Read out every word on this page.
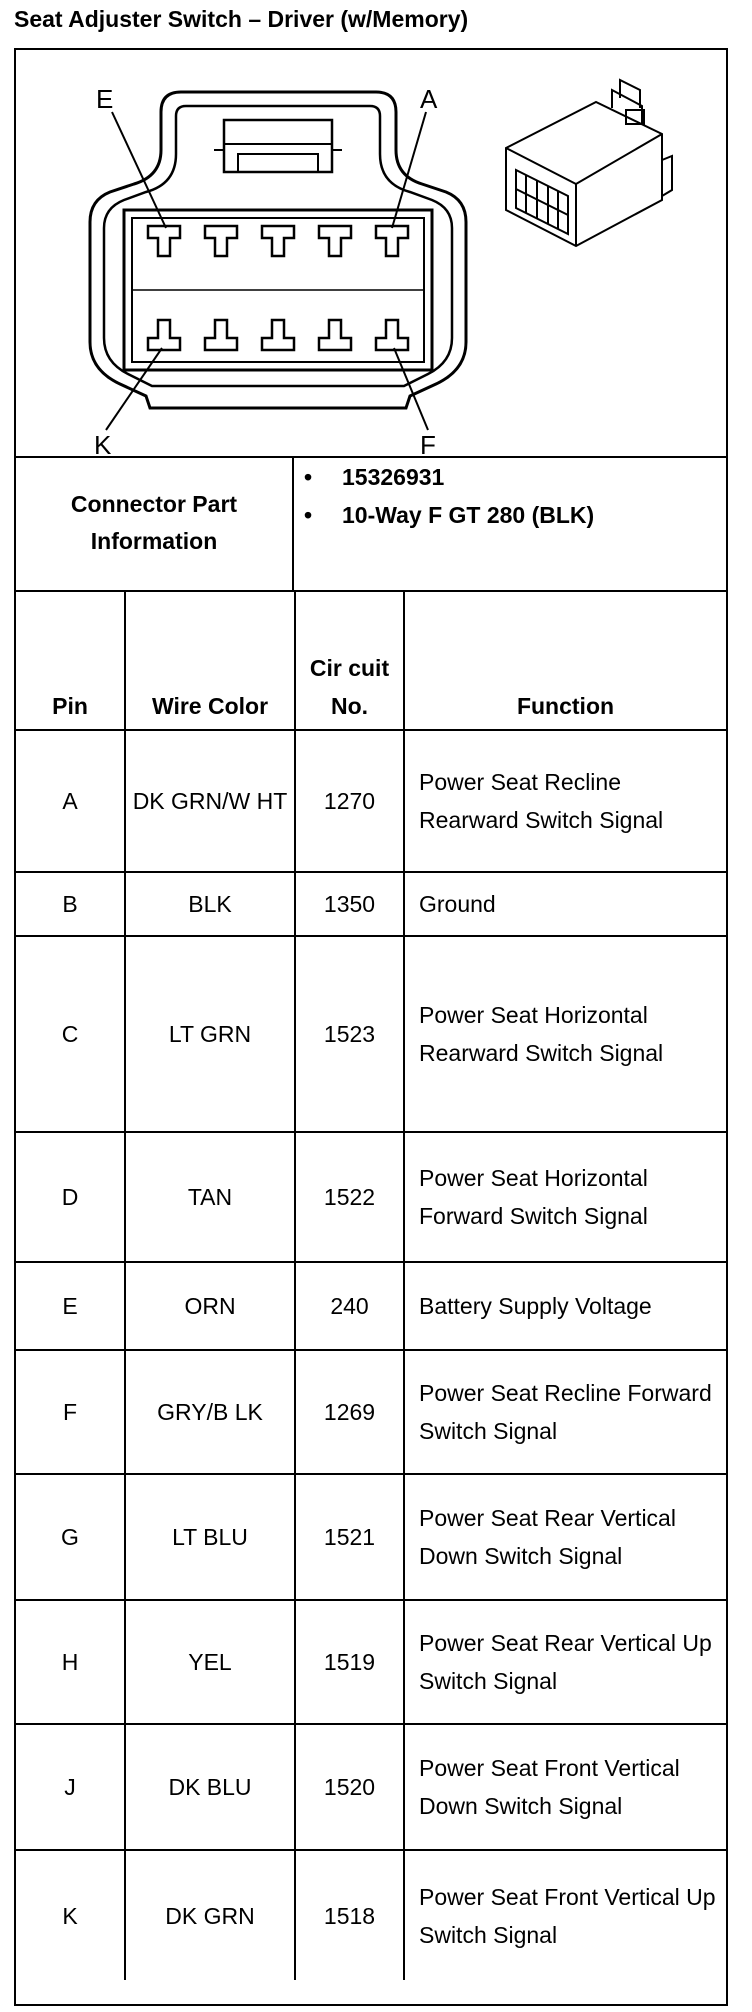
Seat Adjuster Switch – Driver (w/Memory)
E	A
K	F
Connector Part Information
• 15326931
• 10-Way F GT 280 (BLK)
Pin	Wire Color	Cir cuit No.	Function
A	DK GRN/W HT	1270	Power Seat Recline Rearward Switch Signal
B	BLK	1350	Ground
C	LT GRN	1523	Power Seat Horizontal Rearward Switch Signal
D	TAN	1522	Power Seat Horizontal Forward Switch Signal
E	ORN	240	Battery Supply Voltage
F	GRY/B LK	1269	Power Seat Recline Forward Switch Signal
G	LT BLU	1521	Power Seat Rear Vertical Down Switch Signal
H	YEL	1519	Power Seat Rear Vertical Up Switch Signal
J	DK BLU	1520	Power Seat Front Vertical Down Switch Signal
K	DK GRN	1518	Power Seat Front Vertical Up Switch Signal
